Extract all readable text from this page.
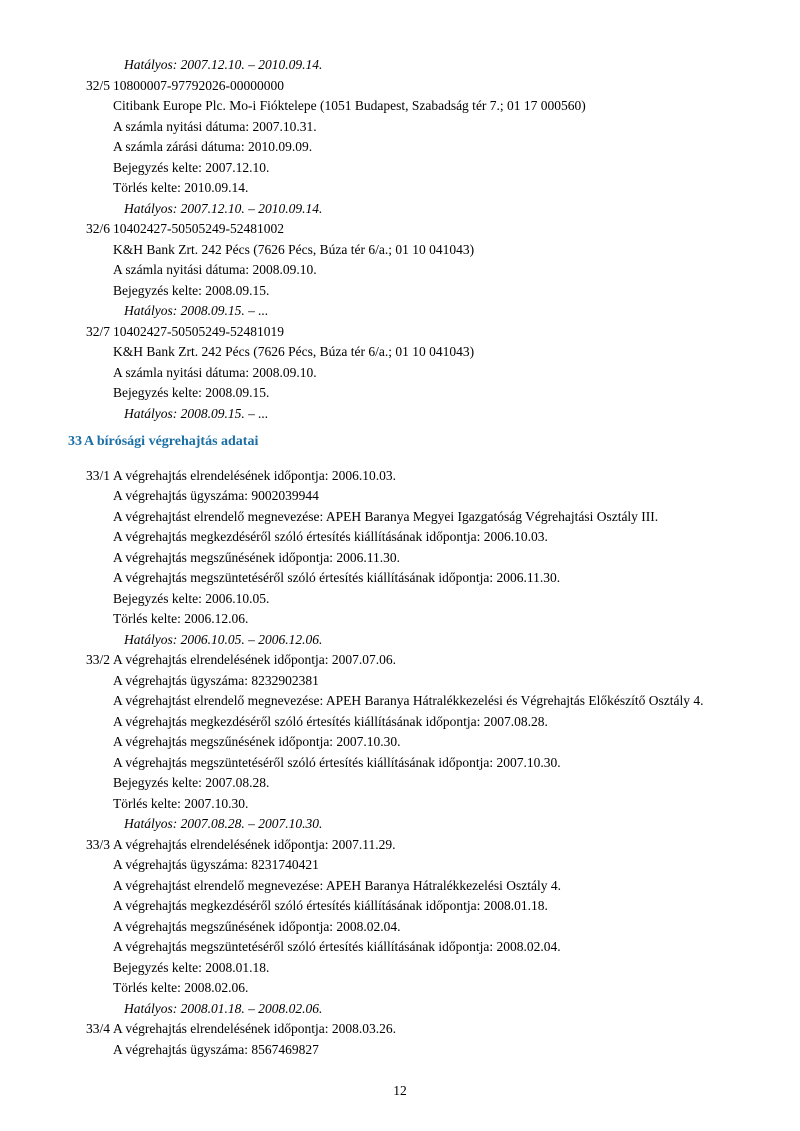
Hatályos: 2007.12.10. – 2010.09.14.
32/5 10800007-97792026-00000000
Citibank Europe Plc. Mo-i Fióktelepe (1051 Budapest, Szabadság tér 7.; 01 17 000560)
A számla nyitási dátuma: 2007.10.31.
A számla zárási dátuma: 2010.09.09.
Bejegyzés kelte: 2007.12.10.
Törlés kelte: 2010.09.14.
Hatályos: 2007.12.10. – 2010.09.14.
32/6 10402427-50505249-52481002
K&H Bank Zrt. 242 Pécs (7626 Pécs, Búza tér 6/a.; 01 10 041043)
A számla nyitási dátuma: 2008.09.10.
Bejegyzés kelte: 2008.09.15.
Hatályos: 2008.09.15. – ...
32/7 10402427-50505249-52481019
K&H Bank Zrt. 242 Pécs (7626 Pécs, Búza tér 6/a.; 01 10 041043)
A számla nyitási dátuma: 2008.09.10.
Bejegyzés kelte: 2008.09.15.
Hatályos: 2008.09.15. – ...
33 A bírósági végrehajtás adatai
33/1 A végrehajtás elrendelésének időpontja: 2006.10.03.
A végrehajtás ügyszáma: 9002039944
A végrehajtást elrendelő megnevezése: APEH Baranya Megyei Igazgatóság Végrehajtási Osztály III.
A végrehajtás megkezdéséről szóló értesítés kiállításának időpontja: 2006.10.03.
A végrehajtás megszűnésének időpontja: 2006.11.30.
A végrehajtás megszüntetéséről szóló értesítés kiállításának időpontja: 2006.11.30.
Bejegyzés kelte: 2006.10.05.
Törlés kelte: 2006.12.06.
Hatályos: 2006.10.05. – 2006.12.06.
33/2 A végrehajtás elrendelésének időpontja: 2007.07.06.
A végrehajtás ügyszáma: 8232902381
A végrehajtást elrendelő megnevezése: APEH Baranya Hátralékkezelési és Végrehajtás Előkészítő Osztály 4.
A végrehajtás megkezdéséről szóló értesítés kiállításának időpontja: 2007.08.28.
A végrehajtás megszűnésének időpontja: 2007.10.30.
A végrehajtás megszüntetéséről szóló értesítés kiállításának időpontja: 2007.10.30.
Bejegyzés kelte: 2007.08.28.
Törlés kelte: 2007.10.30.
Hatályos: 2007.08.28. – 2007.10.30.
33/3 A végrehajtás elrendelésének időpontja: 2007.11.29.
A végrehajtás ügyszáma: 8231740421
A végrehajtást elrendelő megnevezése: APEH Baranya Hátralékkezelési Osztály 4.
A végrehajtás megkezdéséről szóló értesítés kiállításának időpontja: 2008.01.18.
A végrehajtás megszűnésének időpontja: 2008.02.04.
A végrehajtás megszüntetéséről szóló értesítés kiállításának időpontja: 2008.02.04.
Bejegyzés kelte: 2008.01.18.
Törlés kelte: 2008.02.06.
Hatályos: 2008.01.18. – 2008.02.06.
33/4 A végrehajtás elrendelésének időpontja: 2008.03.26.
A végrehajtás ügyszáma: 8567469827
12
